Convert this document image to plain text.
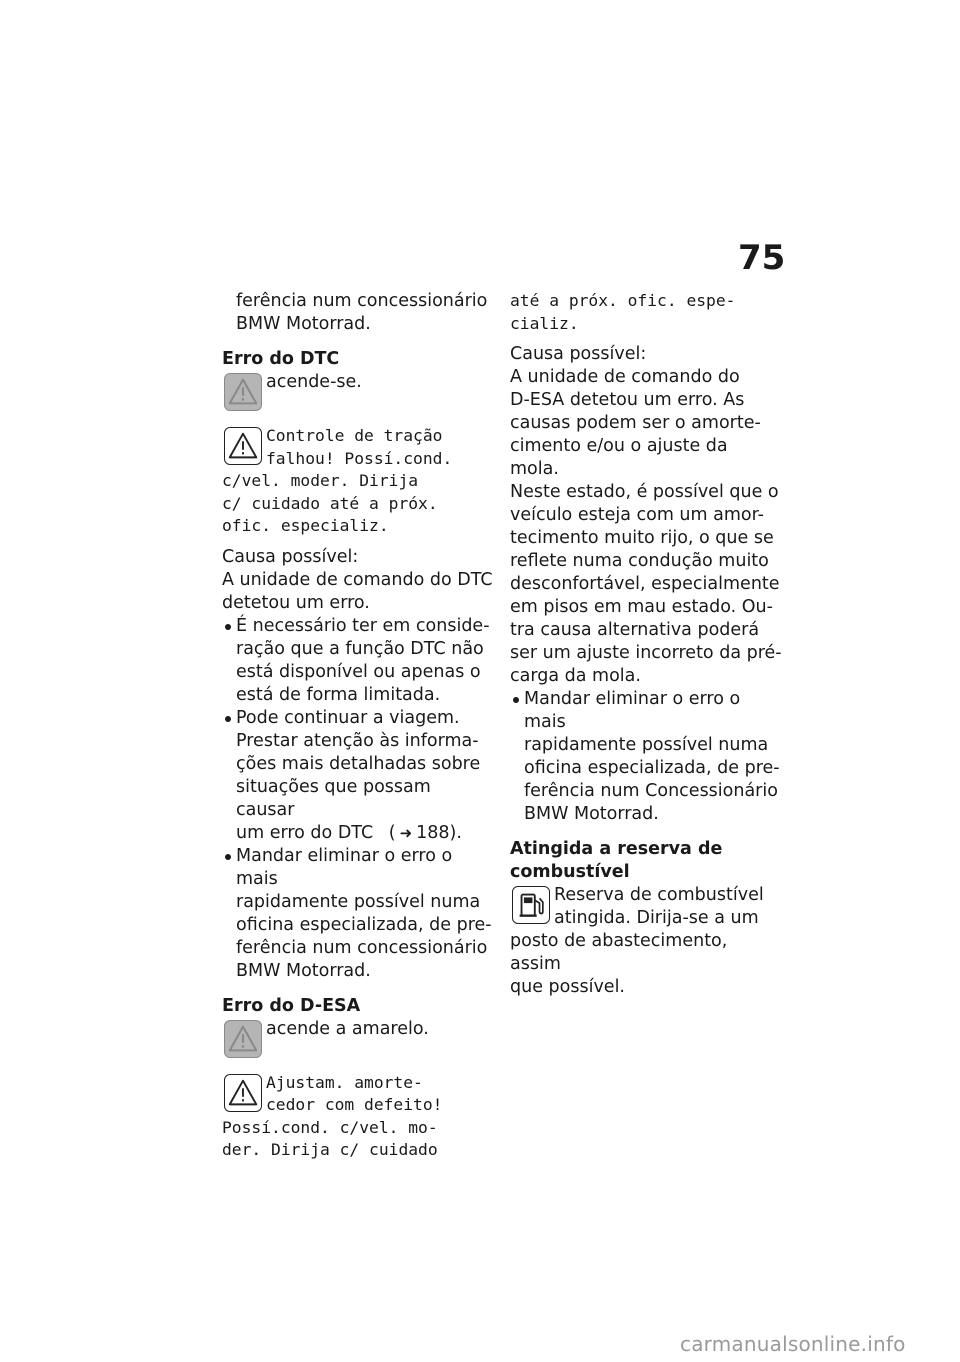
75

ferência num concessionário

BMW Motorrad.

Erro do DTC

acende-se.

Controle de tração

falhou! Possí.cond.

c/vel. moder. Dirija

c/ cuidado até a próx.

ofic. especializ.

Causa possível:

A unidade de comando do DTC

detetou um erro.

É necessário ter em conside-
ração que a função DTC não
está disponível ou apenas o
está de forma limitada.
Pode continuar a viagem.
Prestar atenção às informa-
ções mais detalhadas sobre
situações que possam causar
um erro do DTC ( ➜ 188).
Mandar eliminar o erro o mais
rapidamente possível numa
oficina especializada, de pre-
ferência num concessionário
BMW Motorrad.
Erro do D-ESA

acende a amarelo.

Ajustam. amorte-

cedor com defeito!

Possí.cond. c/vel. mo-

der. Dirija c/ cuidado

até a próx. ofic. espe-

cializ.

Causa possível:

A unidade de comando do

D-ESA detetou um erro. As

causas podem ser o amorte-

cimento e/ou o ajuste da mola.

Neste estado, é possível que o

veículo esteja com um amor-

tecimento muito rijo, o que se

reflete numa condução muito

desconfortável, especialmente

em pisos em mau estado. Ou-

tra causa alternativa poderá

ser um ajuste incorreto da pré-

carga da mola.

Mandar eliminar o erro o mais
rapidamente possível numa
oficina especializada, de pre-
ferência num Concessionário
BMW Motorrad.
Atingida a reserva de
combustível

Reserva de combustível

atingida. Dirija-se a um

posto de abastecimento, assim

que possível.

carmanualsonline.info
